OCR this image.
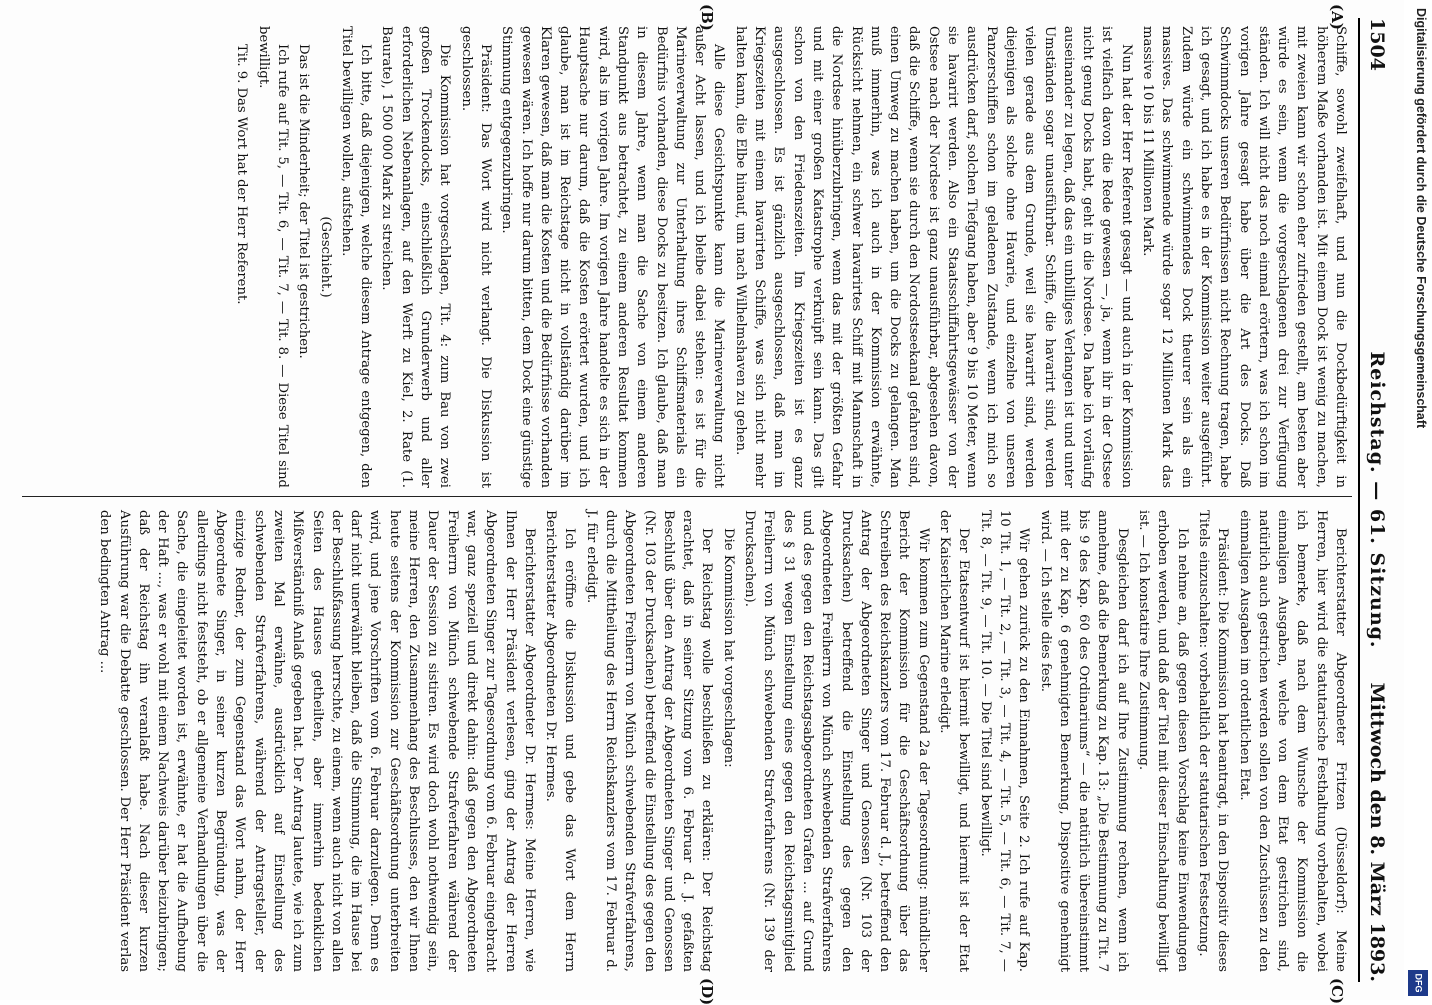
1504
Reichstag. — 61. Sitzung.
Mittwoch den 8. März 1893.
(A)
(B)
(C)
(D)

Schiffe, sowohl zweifelhaft, und nun die Dockbedürftigkeit in höherem Maße vorhanden ist. Mit einem Dock ist wenig zu machen, mit zweien kann wir schon eher zufrieden gestellt, am besten aber würde es sein, wenn die vorgeschlagenen drei zur Verfügung ständen. Ich will nicht das noch einmal erörtern, was ich schon im vorigen Jahre gesagt habe über die Art des Docks. Daß Schwimmdocks unseren Bedürfnissen nicht Rechnung tragen, habe ich gesagt, und ich habe es in der Kommission weiter ausgeführt. Zudem würde ein schwimmendes Dock theurer sein als ein massives. Das schwimmende würde sogar 12 Millionen Mark das massive 10 bis 11 Millionen Mark.

Nun hat der Herr Referent gesagt — und auch in der Kommission ist vielfach davon die Rede gewesen —, ja, wenn ihr in der Ostsee nicht genug Docks habt, geht in die Nordsee. Da habe ich vorläufig auseinander zu legen, daß das ein unbilliges Verlangen ist und unter Umständen sogar unausführbar. Schiffe, die havarirt sind, werden vielen gerade aus dem Grunde, weil sie havarirt sind, werden diejenigen als solche ohne Havarie, und einzelne von unseren Panzerschiffen schon im geladenen Zustande, wenn ich mich so ausdrücken darf, solchen Tiefgang haben, aber 9 bis 10 Meter, wenn sie havarirt werden. Also ein Staatsschiffahrtsgewässer von der Ostsee nach der Nordsee ist ganz unausführbar, abgesehen davon, daß die Schiffe, wenn sie durch den Nordostseekanal gefahren sind, einen Umweg zu machen haben, um die Docks zu gelangen. Man muß immerhin, was ich auch in der Kommission erwähnte, Rücksicht nehmen, ein schwer havarirtes Schiff mit Mannschaft in die Nordsee hinüberzubringen, wenn das mit der größten Gefahr und mit einer großen Katastrophe verknüpft sein kann. Das gilt schon von den Friedenszeiten. Im Kriegszeiten ist es ganz ausgeschlossen. Es ist gänzlich ausgeschlossen, daß man im Kriegszeiten mit einem havarirten Schiffe, was sich nicht mehr halten kann, die Elbe hinauf, um nach Wilhelmshaven zu gehen.

Alle diese Gesichtspunkte kann die Marineverwaltung nicht außer Acht lassen, und ich bleibe dabei stehen: es ist für die Marineverwaltung zur Unterhaltung ihres Schiffsmaterials ein Bedürfnis vorhanden, diese Docks zu besitzen. Ich glaube, daß man in diesem Jahre, wenn man die Sache von einem anderen Standpunkt aus betrachtet, zu einem anderen Resultat kommen wird, als im vorigen Jahre. Im vorigen Jahre handelte es sich in der Hauptsache nur darum, daß die Kosten erörtert wurden, und ich glaube, man ist im Reichstage nicht in vollständig darüber im Klaren gewesen, daß man die Kosten und die Bedürfnisse vorhanden gewesen wären. Ich hoffe nur darum bitten, dem Dock eine günstige Stimmung entgegenzubringen.

Präsident: Das Wort wird nicht verlangt. Die Diskussion ist geschlossen.

Die Kommission hat vorgeschlagen, Tit. 4: zum Bau von zwei großen Trockendocks, einschließlich Grunderwerb und aller erforderlichen Nebenanlagen, auf den Werft zu Kiel, 2. Rate (1. Baurate), 1 500 000 Mark zu streichen.

Ich bitte, daß diejenigen, welche diesem Antrage entgegen, den Titel bewilligen wollen, aufstehen.

(Geschieht.)

Das ist die Minderheit; der Titel ist gestrichen.

Ich rufe auf Tit. 5, — Tit. 6, — Tit. 7, — Tit. 8. — Diese Titel sind bewilligt.

Tit. 9. Das Wort hat der Herr Referent.

Berichterstatter Abgeordneter Fritzen (Düsseldorf): Meine Herren, hier wird die statutarische Festhaltung vorbehalten, wobei ich bemerke, daß nach dem Wunsche der Kommission die einmaligen Ausgaben, welche von dem Etat gestrichen sind, natürlich auch gestrichen werden sollen von den Zuschüssen zu den einmaligen Ausgaben im ordentlichen Etat.

Präsident: Die Kommission hat beantragt, in den Dispositiv dieses Titels einzuschalten: vorbehaltlich der statutarischen Festsetzung.

Ich nehme an, daß gegen diesen Vorschlag keine Einwendungen erhoben werden, und daß der Titel mit dieser Einschaltung bewilligt ist. — Ich konstatire Ihre Zustimmung.

Desgleichen darf ich auf Ihre Zustimmung rechnen, wenn ich annehme, daß die Bemerkung zu Kap. 13: „Die Bestimmung zu Tit. 7 bis 9 des Kap. 60 des Ordinariums“ — die natürlich übereinstimmt mit der zu Kap. 6 genehmigten Bemerkung, Dispositive genehmigt wird. — Ich stelle dies fest.

Wir gehen zurück zu den Einnahmen, Seite 2. Ich rufe auf Kap. 10 Tit. 1, — Tit. 2, — Tit. 3, — Tit. 4, — Tit. 5, — Tit. 6, — Tit. 7, — Tit. 8, — Tit. 9, — Tit. 10. — Die Titel sind bewilligt.

Der Etatsentwurf ist hiermit bewilligt, und hiermit ist der Etat der Kaiserlichen Marine erledigt.

Wir kommen zum Gegenstand 2a der Tagesordnung: mündlicher Bericht der Kommission für die Geschäftsordnung über das Schreiben des Reichskanzlers vom 17. Februar d. J., betreffend den Antrag der Abgeordneten Singer und Genossen (Nr. 103 der Drucksachen) betreffend die Einstellung des gegen den Abgeordneten Freiherrn von Münch schwebenden Strafverfahrens und des gegen den Reichstagsabgeordneten Grafen ... auf Grund des § 31 wegen Einstellung eines gegen den Reichstagsmitglied Freiherrn von Münch schwebenden Strafverfahrens (Nr. 139 der Drucksachen).

Die Kommission hat vorgeschlagen:

Der Reichstag wolle beschließen zu erklären: Der Reichstag erachtet, daß in seiner Sitzung vom 6. Februar d. J. gefaßten Beschluß über den Antrag der Abgeordneten Singer und Genossen (Nr. 103 der Drucksachen) betreffend die Einstellung des gegen den Abgeordneten Freiherrn von Münch schwebenden Strafverfahrens, durch die Mittheilung des Herrn Reichskanzlers vom 17. Februar d. J. für erledigt.

Ich eröffne die Diskussion und gebe das Wort dem Herrn Berichterstatter Abgeordneten Dr. Hermes.

Berichterstatter Abgeordneter Dr. Hermes: Meine Herren, wie Ihnen der Herr Präsident verlesen, ging der Antrag der Herren Abgeordneten Singer zur Tagesordnung vom 6. Februar eingebracht war, ganz speziell und direkt dahin: daß gegen den Abgeordneten Freiherrn von Münch schwebende Strafverfahren während der Dauer der Session zu sistiren. Es wird doch wohl nothwendig sein, meine Herren, den Zusammenhang des Beschlusses, den wir Ihnen heute seitens der Kommission zur Geschäftsordnung unterbreiten wird, und jene Vorschriften vom 6. Februar darzulegen. Denn es darf nicht unerwähnt bleiben, daß die Stimmung, die im Hause bei der Beschlußfassung herrschte, zu einem, wenn auch nicht von allen Seiten des Hauses getheilten, aber immerhin bedenklichen Mißverständniß Anlaß gegeben hat. Der Antrag lautete, wie ich zum zweiten Mal erwähne, ausdrücklich auf Einstellung des schwebenden Strafverfahrens, während der Antragsteller, der einzige Redner, der zum Gegenstand das Wort nahm, der Herr Abgeordnete Singer, in seiner kurzen Begründung, was der allerdings nicht feststeht, ob er allgemeine Verhandlungen über die Sache, die eingeleitet worden ist, erwähnte, er hat die Aufhebung der Haft ..., was er wohl mit einem Nachweis darüber beizubringen; daß der Reichstag ihn veranlaßt habe. Nach dieser kurzen Ausführung war die Debatte geschlossen. Der Herr Präsident verlas den bedingten Antrag ...

Digitalisierung gefördert durch die Deutsche Forschungsgemeinschaft
DFG
